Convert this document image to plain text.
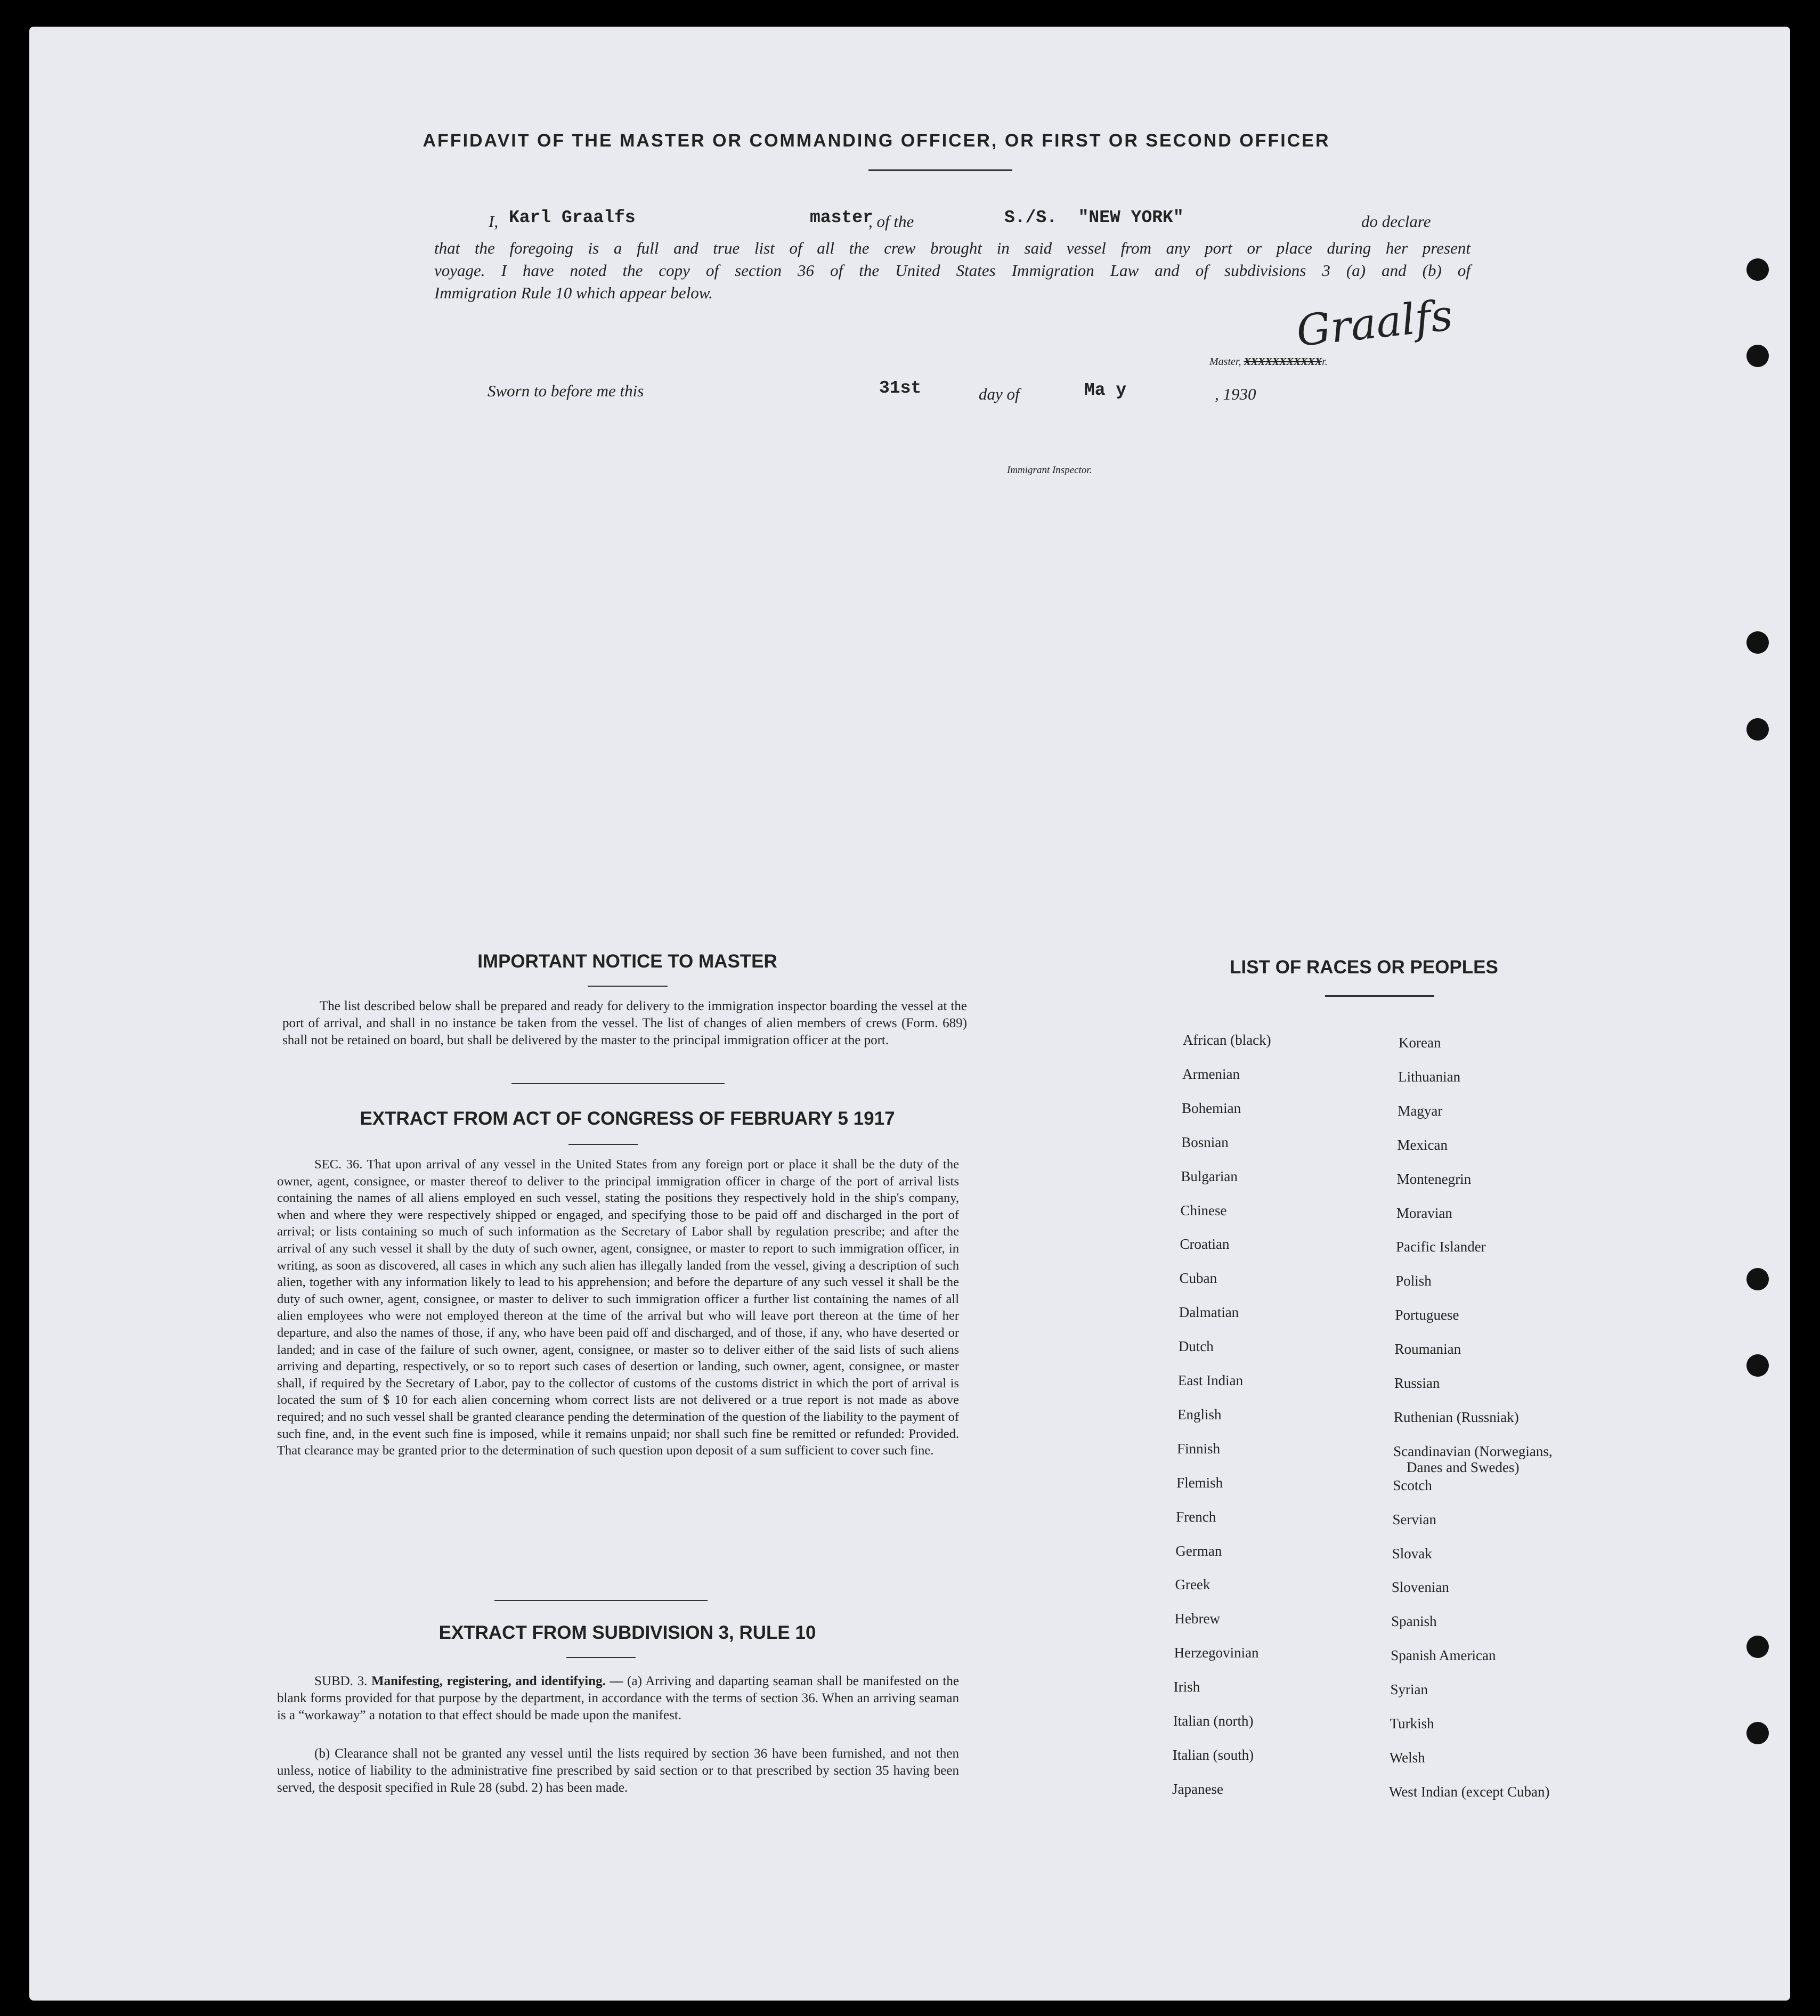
AFFIDAVIT OF THE MASTER OR COMMANDING OFFICER, OR FIRST OR SECOND OFFICER
I, Karl Graalfs	master
, of the	S./S.  "NEW YORK"	do declare
that the foregoing is a full and true list of all the crew brought in said vessel from any port or place during her present
voyage. I have noted the copy of section 36 of the United States Immigration Law and of subdivisions 3 (a) and (b) of
Immigration Rule 10 which appear below.	Graalfs
Master, XXXXXXXXXXXr.
Sworn to before me this	31st	day of	Ma y	, 1930
Immigrant Inspector.
IMPORTANT NOTICE TO MASTER
The list described below shall be prepared and ready for delivery to the immigration inspector boarding the vessel at the port of arrival, and shall in no instance be taken from the vessel. The list of changes of alien members of crews (Form. 689) shall not be retained on board, but shall be delivered by the master to the principal immigration officer at the port.
EXTRACT FROM ACT OF CONGRESS OF FEBRUARY 5 1917
SEC. 36. That upon arrival of any vessel in the United States from any foreign port or place it shall be the duty of the owner, agent, consignee, or master thereof to deliver to the principal immigration officer in charge of the port of arrival lists containing the names of all aliens employed en such vessel, stating the positions they respectively hold in the ship's company, when and where they were respectively shipped or engaged, and specifying those to be paid off and discharged in the port of arrival; or lists containing so much of such information as the Secretary of Labor shall by regulation prescribe; and after the arrival of any such vessel it shall by the duty of such owner, agent, consignee, or master to report to such immigration officer, in writing, as soon as discovered, all cases in which any such alien has illegally landed from the vessel, giving a description of such alien, together with any information likely to lead to his apprehension; and before the departure of any such vessel it shall be the duty of such owner, agent, consignee, or master to deliver to such immigration officer a further list containing the names of all alien employees who were not employed thereon at the time of the arrival but who will leave port thereon at the time of her departure, and also the names of those, if any, who have been paid off and discharged, and of those, if any, who have deserted or landed; and in case of the failure of such owner, agent, consignee, or master so to deliver either of the said lists of such aliens arriving and departing, respectively, or so to report such cases of desertion or landing, such owner, agent, consignee, or master shall, if required by the Secretary of Labor, pay to the collector of customs of the customs district in which the port of arrival is located the sum of $ 10 for each alien concerning whom correct lists are not delivered or a true report is not made as above required; and no such vessel shall be granted clearance pending the determination of the question of the liability to the payment of such fine, and, in the event such fine is imposed, while it remains unpaid; nor shall such fine be remitted or refunded: Provided. That clearance may be granted prior to the determination of such question upon deposit of a sum sufficient to cover such fine.
EXTRACT FROM SUBDIVISION 3, RULE 10
SUBD. 3. Manifesting, registering, and identifying. — (a) Arriving and daparting seaman shall be manifested on the blank forms provided for that purpose by the department, in accordance with the terms of section 36. When an arriving seaman is a “workaway” a notation to that effect should be made upon the manifest.
(b) Clearance shall not be granted any vessel until the lists required by section 36 have been furnished, and not then unless, notice of liability to the administrative fine prescribed by said section or to that prescribed by section 35 having been served, the desposit specified in Rule 28 (subd. 2) has been made.
LIST OF RACES OR PEOPLES
African (black)
Armenian
Bohemian
Bosnian
Bulgarian
Chinese
Croatian
Cuban
Dalmatian
Dutch
East Indian
English
Finnish
Flemish
French
German
Greek
Hebrew
Herzegovinian
Irish
Italian (north)
Italian (south)
Japanese
Korean
Lithuanian
Magyar
Mexican
Montenegrin
Moravian
Pacific Islander
Polish
Portuguese
Roumanian
Russian
Ruthenian (Russniak)
Scandinavian (Norwegians,
Scotch
Servian
Slovak
Slovenian
Spanish
Spanish American
Syrian
Turkish
Welsh
West Indian (except Cuban)
Danes and Swedes)
